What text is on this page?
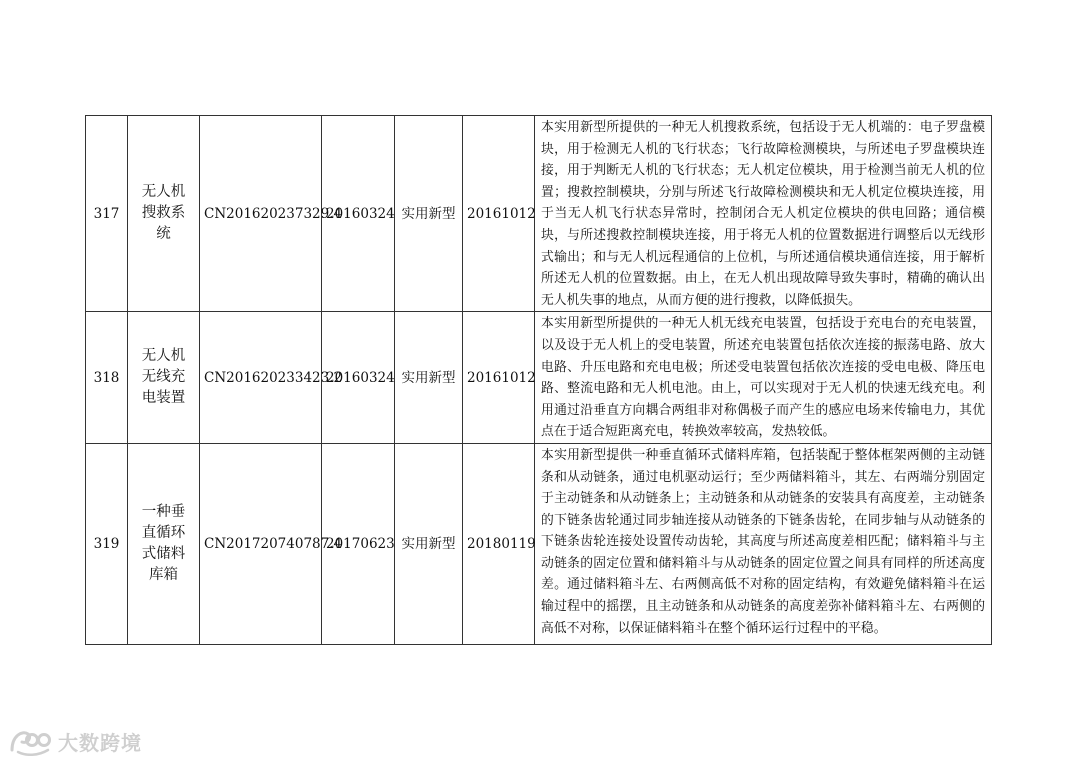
317	无人机搜救系统	CN201620237329.4	20160324	实用新型	20161012	本实用新型所提供的一种无人机搜救系统，包括设于无人机端的：电子罗盘模块，用于检测无人机的飞行状态；飞行故障检测模块，与所述电子罗盘模块连接，用于判断无人机的飞行状态；无人机定位模块，用于检测当前无人机的位置；搜救控制模块，分别与所述飞行故障检测模块和无人机定位模块连接，用于当无人机飞行状态异常时，控制闭合无人机定位模块的供电回路；通信模块，与所述搜救控制模块连接，用于将无人机的位置数据进行调整后以无线形式输出；和与无人机远程通信的上位机，与所述通信模块通信连接，用于解析所述无人机的位置数据。由上，在无人机出现故障导致失事时，精确的确认出无人机失事的地点，从而方便的进行搜救，以降低损失。
318	无人机无线充电装置	CN201620233423.2	20160324	实用新型	20161012	本实用新型所提供的一种无人机无线充电装置，包括设于充电台的充电装置，以及设于无人机上的受电装置，所述充电装置包括依次连接的振荡电路、放大电路、升压电路和充电电极；所述受电装置包括依次连接的受电电极、降压电路、整流电路和无人机电池。由上，可以实现对于无人机的快速无线充电。利用通过沿垂直方向耦合两组非对称偶极子而产生的感应电场来传输电力，其优点在于适合短距离充电，转换效率较高，发热较低。
319	一种垂直循环式储料库箱	CN201720740787.4	20170623	实用新型	20180119	本实用新型提供一种垂直循环式储料库箱，包括装配于整体框架两侧的主动链条和从动链条，通过电机驱动运行；至少两储料箱斗，其左、右两端分别固定于主动链条和从动链条上；主动链条和从动链条的安装具有高度差，主动链条的下链条齿轮通过同步轴连接从动链条的下链条齿轮，在同步轴与从动链条的下链条齿轮连接处设置传动齿轮，其高度与所述高度差相匹配；储料箱斗与主动链条的固定位置和储料箱斗与从动链条的固定位置之间具有同样的所述高度差。通过储料箱斗左、右两侧高低不对称的固定结构，有效避免储料箱斗在运输过程中的摇摆，且主动链条和从动链条的高度差弥补储料箱斗左、右两侧的高低不对称，以保证储料箱斗在整个循环运行过程中的平稳。
大数跨境
